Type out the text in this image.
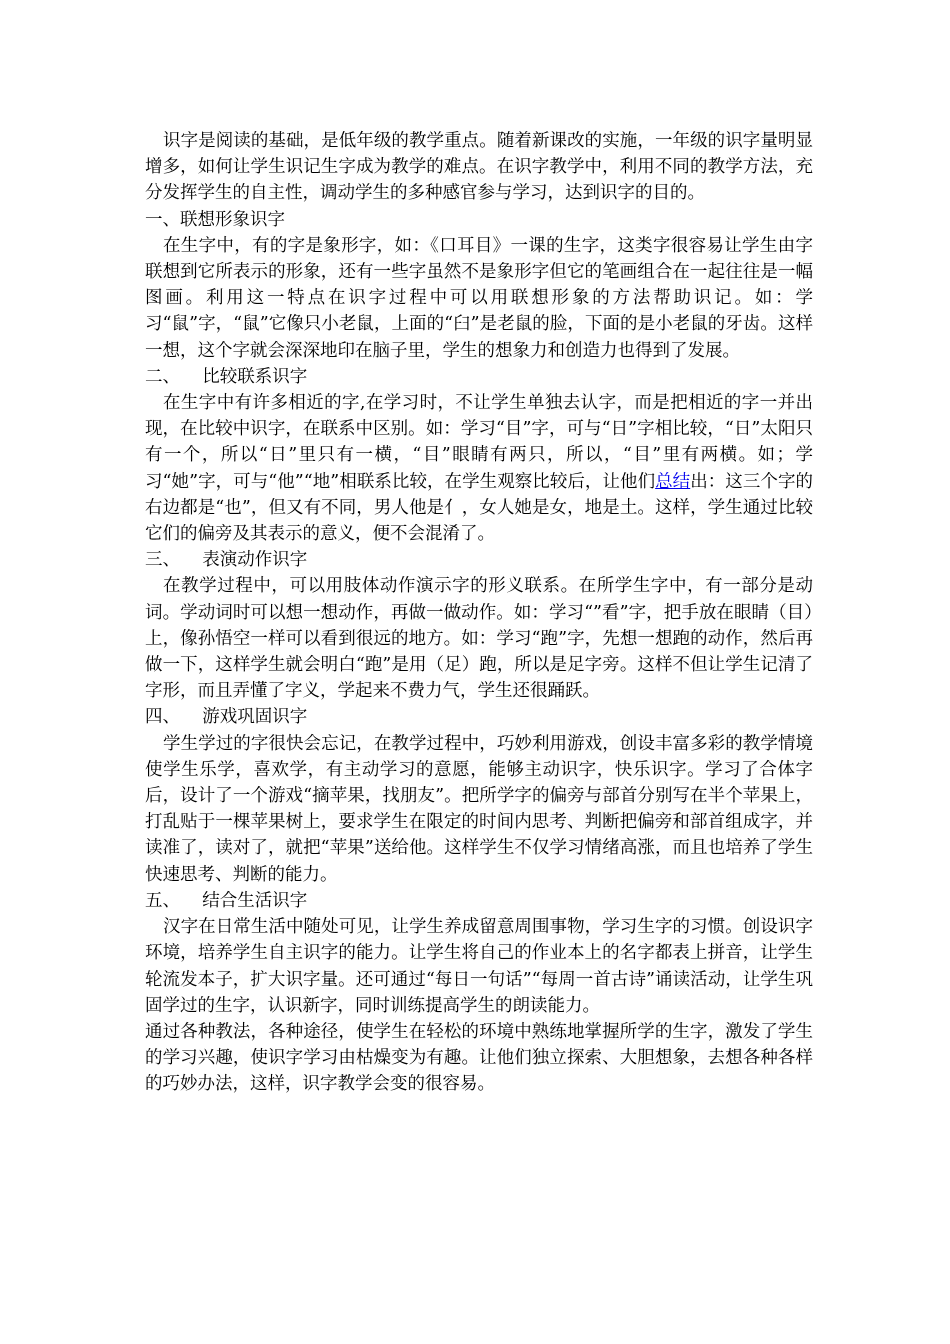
识字是阅读的基础，是低年级的教学重点。随着新课改的实施，一年级的识字量明显增多，如何让学生识记生字成为教学的难点。在识字教学中，利用不同的教学方法，充分发挥学生的自主性，调动学生的多种感官参与学习，达到识字的目的。

一、联想形象识字

在生字中，有的字是象形字，如：《口耳目》一课的生字，这类字很容易让学生由字联想到它所表示的形象，还有一些字虽然不是象形字但它的笔画组合在一起往往是一幅图画。利用这一特点在识字过程中可以用联想形象的方法帮助识记。如：学习“鼠”字，“鼠”它像只小老鼠，上面的“臼”是老鼠的脸，下面的是小老鼠的牙齿。这样一想，这个字就会深深地印在脑子里，学生的想象力和创造力也得到了发展。

二、    比较联系识字

在生字中有许多相近的字,在学习时，不让学生单独去认字，而是把相近的字一并出现，在比较中识字，在联系中区别。如：学习“目”字，可与“日”字相比较，“日”太阳只有一个，所以“日”里只有一横，“目”眼睛有两只，所以，“目”里有两横。如；学习“她”字，可与“他”“地”相联系比较，在学生观察比较后，让他们总结出：这三个字的右边都是“也”，但又有不同，男人他是亻，女人她是女，地是土。这样，学生通过比较它们的偏旁及其表示的意义，便不会混淆了。

三、    表演动作识字

在教学过程中，可以用肢体动作演示字的形义联系。在所学生字中，有一部分是动词。学动词时可以想一想动作，再做一做动作。如：学习“”看”字，把手放在眼睛（目）上，像孙悟空一样可以看到很远的地方。如：学习“跑”字，先想一想跑的动作，然后再做一下，这样学生就会明白“跑”是用（足）跑，所以是足字旁。这样不但让学生记清了字形，而且弄懂了字义，学起来不费力气，学生还很踊跃。

四、    游戏巩固识字

学生学过的字很快会忘记，在教学过程中，巧妙利用游戏，创设丰富多彩的教学情境使学生乐学，喜欢学，有主动学习的意愿，能够主动识字，快乐识字。学习了合体字后，设计了一个游戏“摘苹果，找朋友”。把所学字的偏旁与部首分别写在半个苹果上，打乱贴于一棵苹果树上，要求学生在限定的时间内思考、判断把偏旁和部首组成字，并读准了，读对了，就把“苹果”送给他。这样学生不仅学习情绪高涨，而且也培养了学生快速思考、判断的能力。

五、    结合生活识字

汉字在日常生活中随处可见，让学生养成留意周围事物，学习生字的习惯。创设识字环境，培养学生自主识字的能力。让学生将自己的作业本上的名字都表上拼音，让学生轮流发本子，扩大识字量。还可通过“每日一句话”“每周一首古诗”诵读活动，让学生巩固学过的生字，认识新字，同时训练提高学生的朗读能力。

通过各种教法，各种途径，使学生在轻松的环境中熟练地掌握所学的生字，激发了学生的学习兴趣，使识字学习由枯燥变为有趣。让他们独立探索、大胆想象，去想各种各样的巧妙办法，这样，识字教学会变的很容易。
